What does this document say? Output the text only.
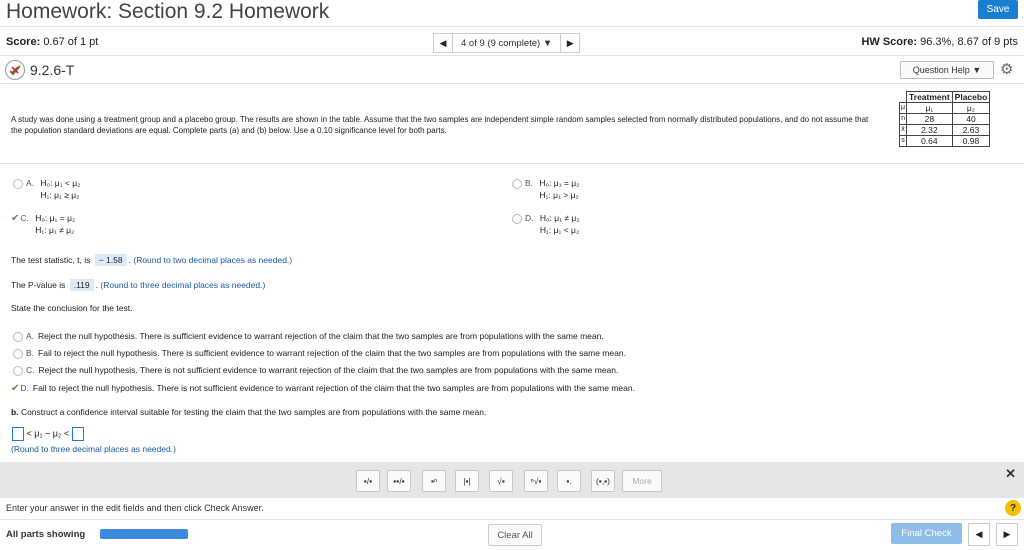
Homework: Section 9.2 Homework	Save
Score: 0.67 of 1 pt	◀	4 of 9 (9 complete)
▼	▶	HW Score: 96.3%, 8.67 of 9 pts
9.2.6-T	Question Help
▼ ⚙
A study was done using a treatment group and a placebo group. The results are shown in the table. Assume that the two samples are independent simple random samples selected from normally distributed populations, and do not assume that the population standard deviations are equal. Complete parts (a) and (b) below. Use a 0.10 significance level for both parts.
	Treatment	Placebo
μ	μ₁	μ₂
n	28	40
x̄	2.32	2.63
s	0.64	0.98
A. H₀: μ₁ < μ₂
H₁: μ₁ ≥ μ₂
B. H₀: μ₁ = μ₂
H₁: μ₁ > μ₂
✔C. H₀: μ₁ = μ₂
H₁: μ₁ ≠ μ₂
D. H₀: μ₁ ≠ μ₂
H₁: μ₁ < μ₂
The test statistic, t, is − 1.58 . (Round to two decimal places as needed.)
The P-value is .119 . (Round to three decimal places as needed.)
State the conclusion for the test.
A. Reject the null hypothesis. There is sufficient evidence to warrant rejection of the claim that the two samples are from populations with the same mean.
B. Fail to reject the null hypothesis. There is sufficient evidence to warrant rejection of the claim that the two samples are from populations with the same mean.
C. Reject the null hypothesis. There is not sufficient evidence to warrant rejection of the claim that the two samples are from populations with the same mean.
✔D. Fail to reject the null hypothesis. There is not sufficient evidence to warrant rejection of the claim that the two samples are from populations with the same mean.
b. Construct a confidence interval suitable for testing the claim that the two samples are from populations with the same mean.
< μ₁ − μ₂ <
(Round to three decimal places as needed.)
▪/▪	▪▪/▪	▪ⁿ	|▪|	√▪	ⁿ√▪	▪.	(▪,▪)	More	✕
Enter your answer in the edit fields and then click Check Answer.	?
All parts showing	Clear All	Final Check	◀	▶
